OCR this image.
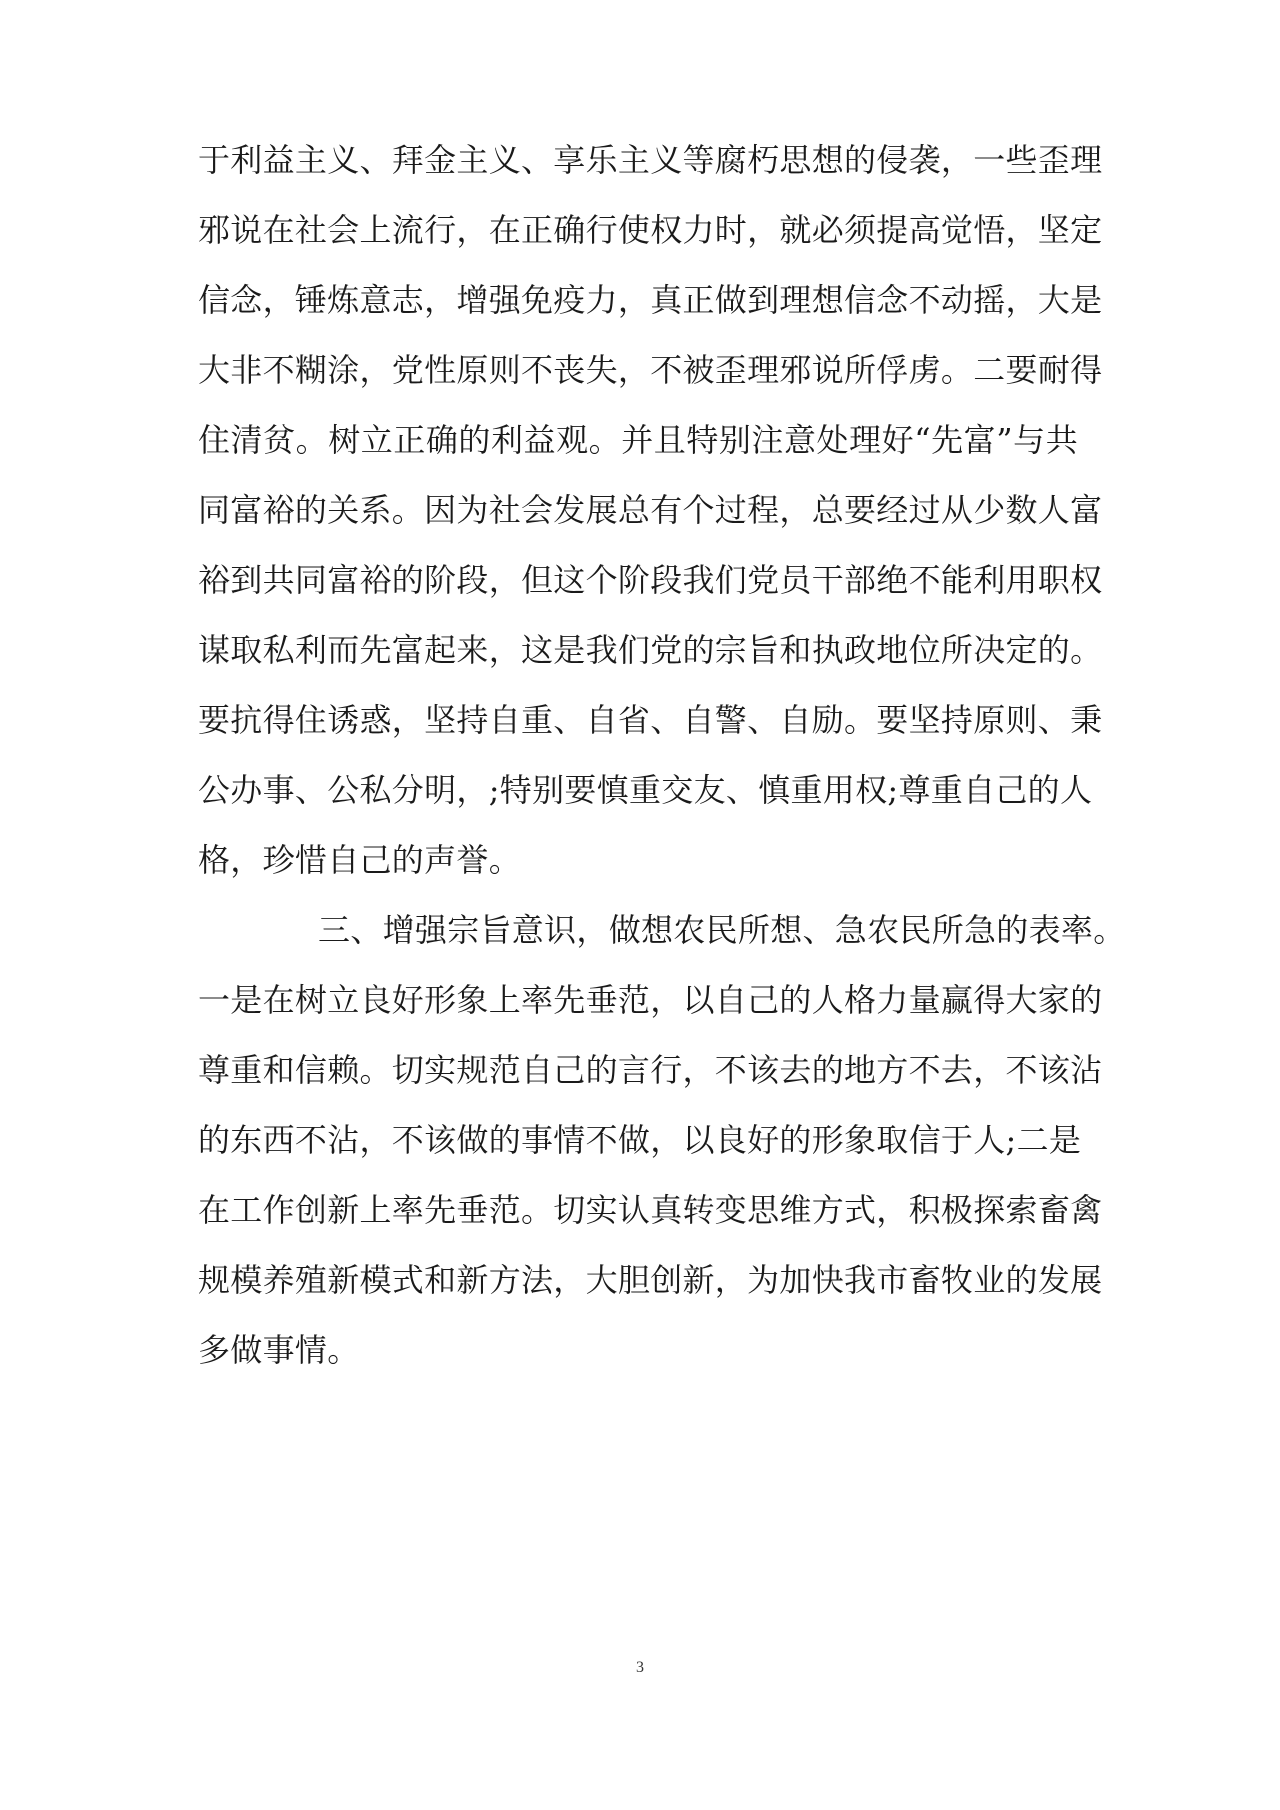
于利益主义、拜金主义、享乐主义等腐朽思想的侵袭，一些歪理
邪说在社会上流行，在正确行使权力时，就必须提高觉悟，坚定
信念，锤炼意志，增强免疫力，真正做到理想信念不动摇，大是
大非不糊涂，党性原则不丧失，不被歪理邪说所俘虏。二要耐得
住清贫。树立正确的利益观。并且特别注意处理好“先富”与共
同富裕的关系。因为社会发展总有个过程，总要经过从少数人富
裕到共同富裕的阶段，但这个阶段我们党员干部绝不能利用职权
谋取私利而先富起来，这是我们党的宗旨和执政地位所决定的。
要抗得住诱惑，坚持自重、自省、自警、自励。要坚持原则、秉
公办事、公私分明，;特别要慎重交友、慎重用权;尊重自己的人
格，珍惜自己的声誉。
三、增强宗旨意识，做想农民所想、急农民所急的表率。
一是在树立良好形象上率先垂范，以自己的人格力量赢得大家的
尊重和信赖。切实规范自己的言行，不该去的地方不去，不该沾
的东西不沾，不该做的事情不做，以良好的形象取信于人;二是
在工作创新上率先垂范。切实认真转变思维方式，积极探索畜禽
规模养殖新模式和新方法，大胆创新，为加快我市畜牧业的发展
多做事情。
3
